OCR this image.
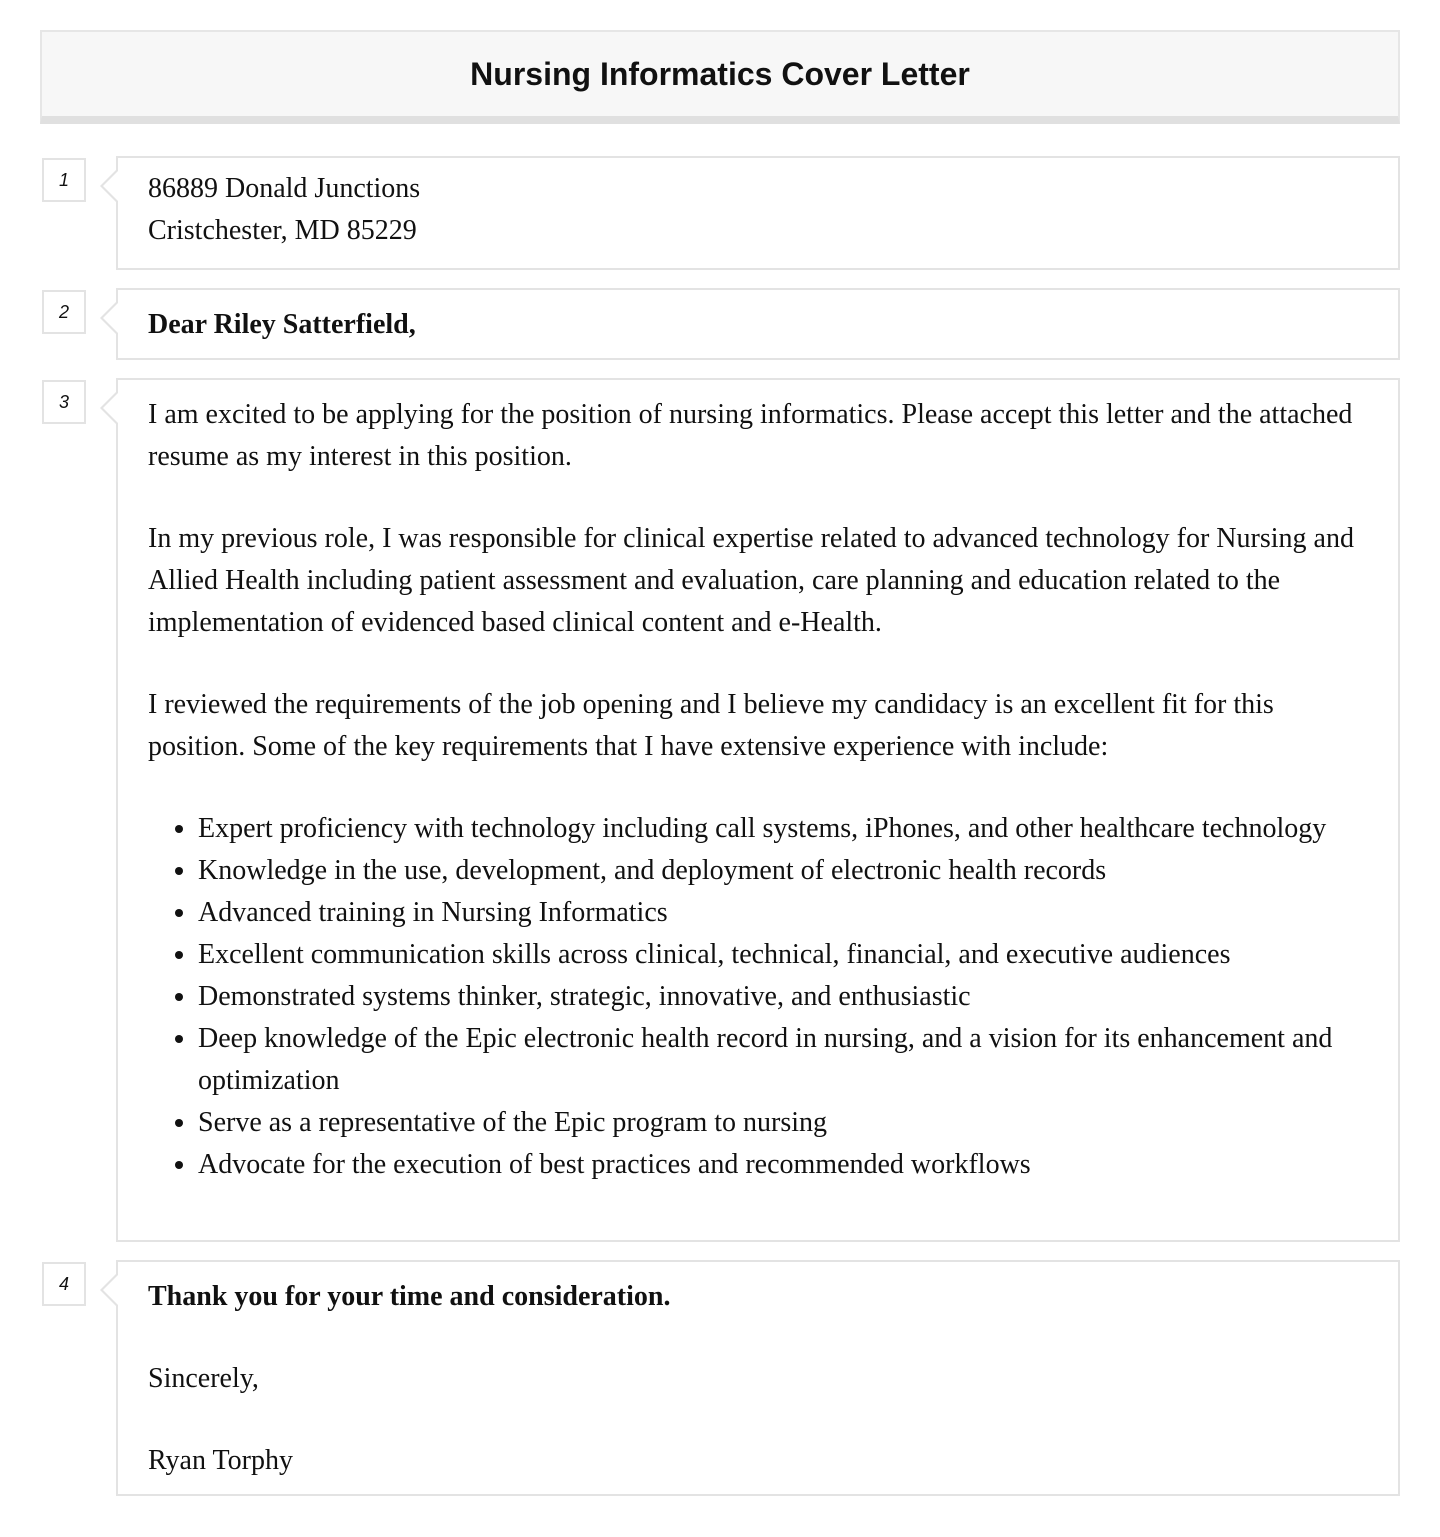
Nursing Informatics Cover Letter
1	86889 Donald Junctions

Cristchester, MD 85229

2	Dear Riley Satterfield,

3	I am excited to be applying for the position of nursing informatics. Please accept this letter and the attached resume as my interest in this position.

In my previous role, I was responsible for clinical expertise related to advanced technology for Nursing and Allied Health including patient assessment and evaluation, care planning and education related to the implementation of evidenced based clinical content and e-Health.

I reviewed the requirements of the job opening and I believe my candidacy is an excellent fit for this position. Some of the key requirements that I have extensive experience with include:

• Expert proficiency with technology including call systems, iPhones, and other healthcare technology
• Knowledge in the use, development, and deployment of electronic health records
• Advanced training in Nursing Informatics
• Excellent communication skills across clinical, technical, financial, and executive audiences
• Demonstrated systems thinker, strategic, innovative, and enthusiastic
• Deep knowledge of the Epic electronic health record in nursing, and a vision for its enhancement and optimization
• Serve as a representative of the Epic program to nursing
• Advocate for the execution of best practices and recommended workflows
4	Thank you for your time and consideration.

Sincerely,

Ryan Torphy
